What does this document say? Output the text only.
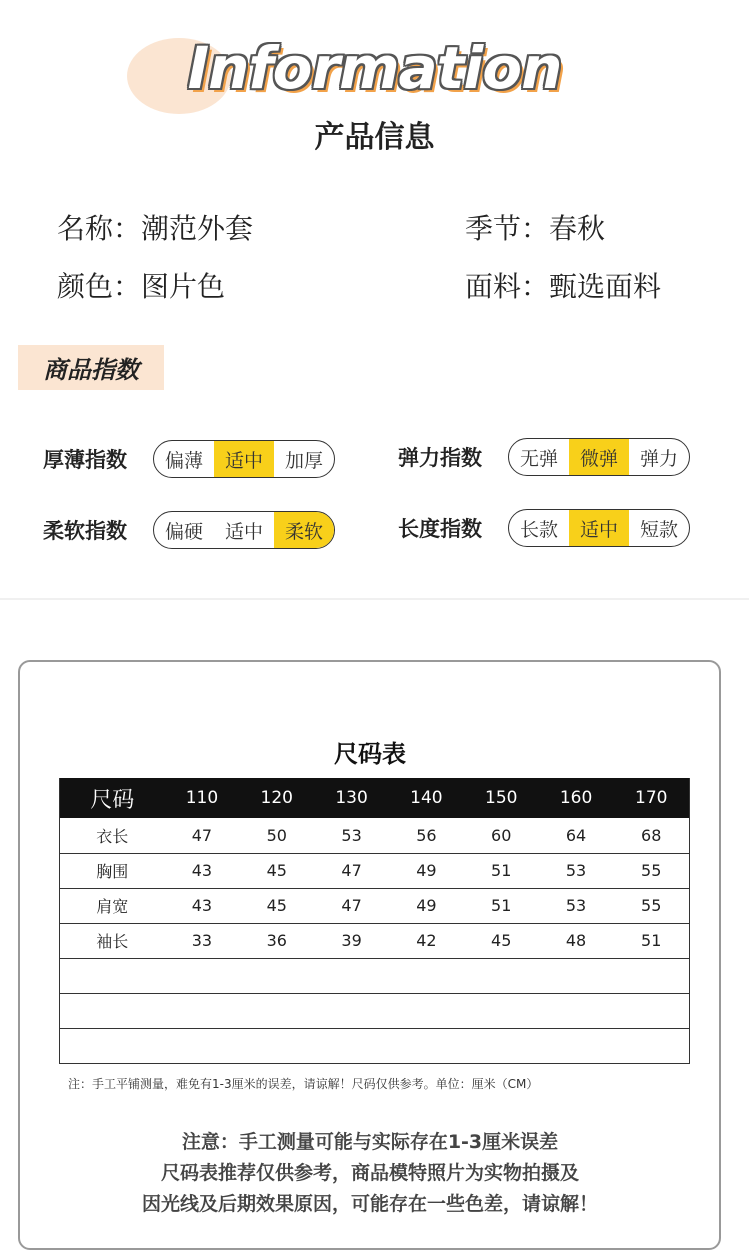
Information
产品信息
名称：潮范外套	季节：春秋
颜色：图片色	面料：甄选面料
商品指数
厚薄指数	偏薄	适中	加厚	弹力指数	无弹	微弹	弹力
柔软指数	偏硬	适中	柔软	长度指数	长款	适中	短款
尺码表
尺码	110	120	130	140	150	160	170
衣长	47	50	53	56	60	64	68
胸围	43	45	47	49	51	53	55
肩宽	43	45	47	49	51	53	55
袖长	33	36	39	42	45	48	51

注：手工平铺测量，难免有1-3厘米的误差，请谅解！尺码仅供参考。单位：厘米（CM）
注意：手工测量可能与实际存在1-3厘米误差
尺码表推荐仅供参考，商品模特照片为实物拍摄及
因光线及后期效果原因，可能存在一些色差，请谅解！
